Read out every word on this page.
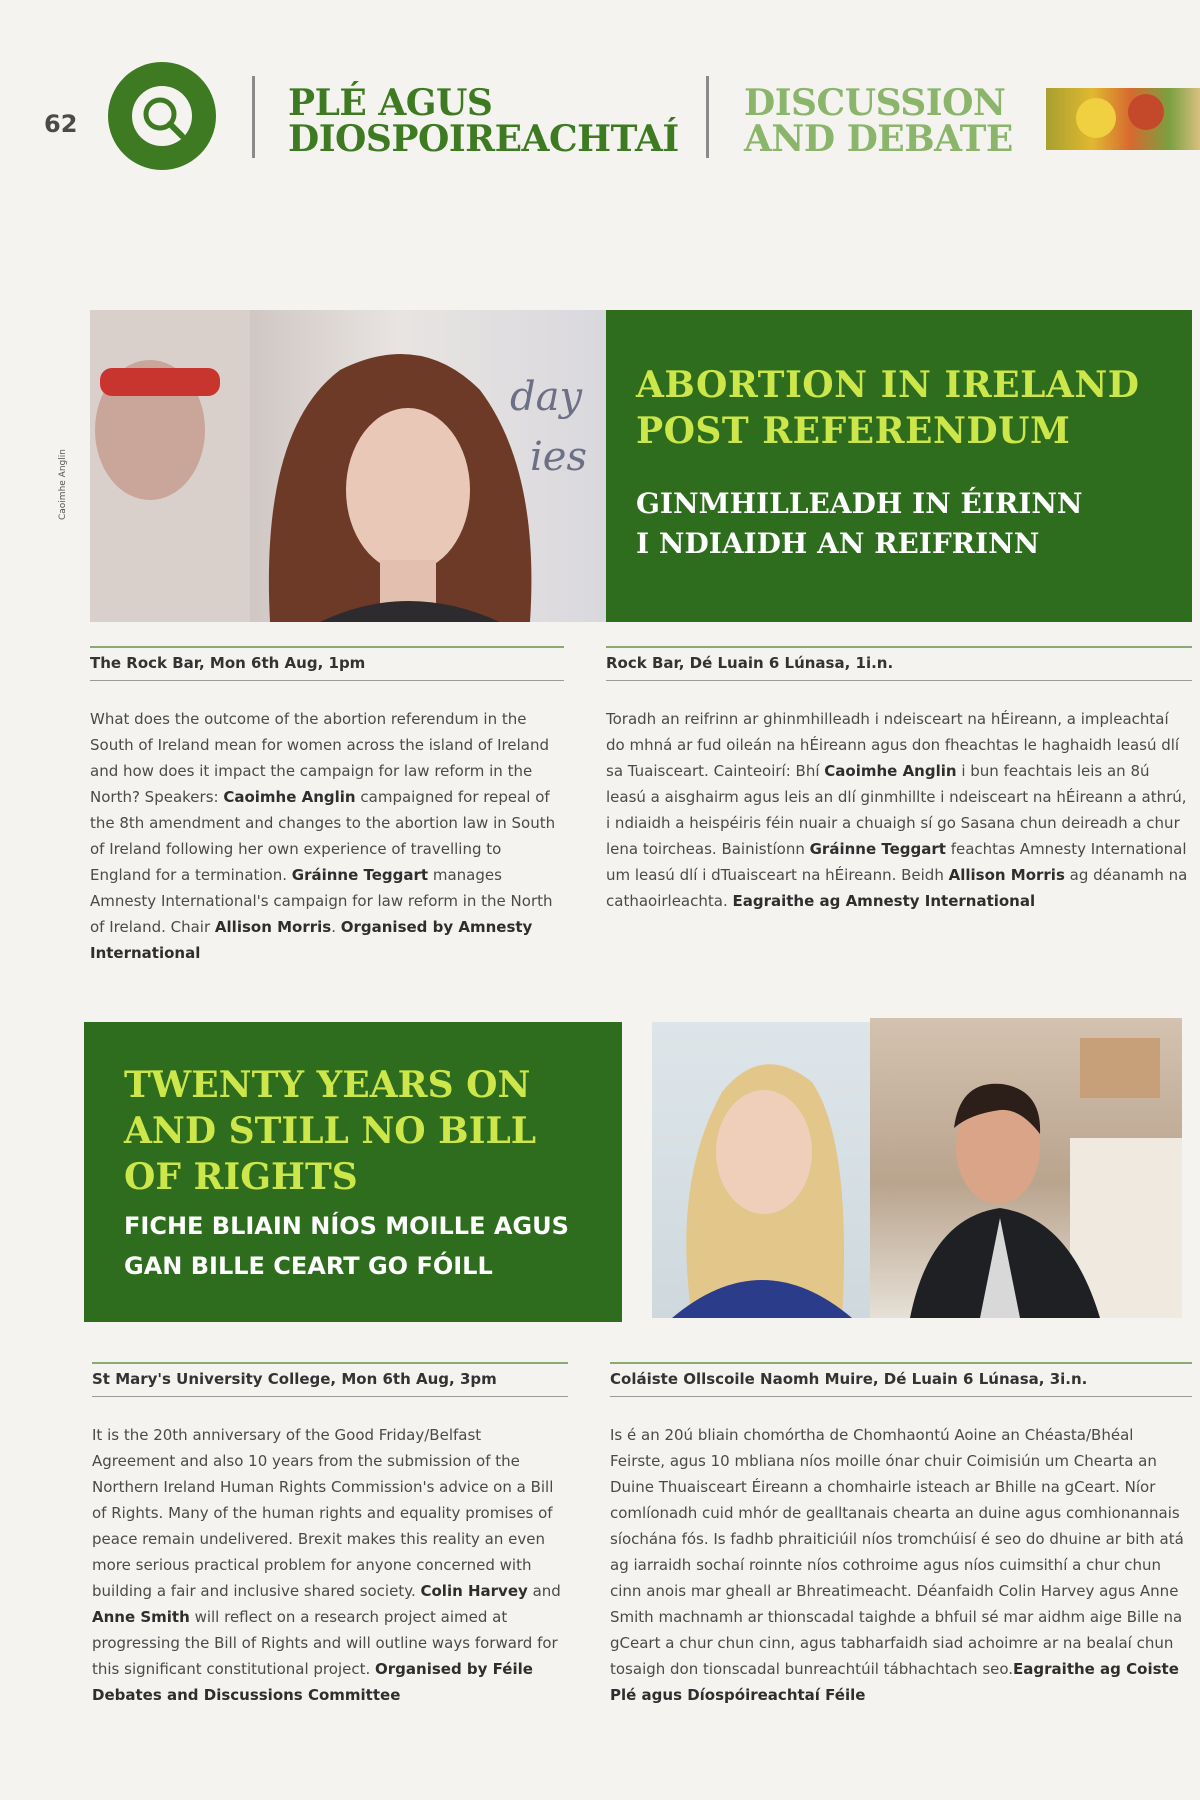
62	PLÉ AGUS
DIOSPOIREACHTAÍ
DISCUSSION
AND DEBATE
day
ies
Caoimhe Anglin
ABORTION IN IRELAND
POST REFERENDUM
GINMHILLEADH IN ÉIRINN
I NDIAIDH AN REIFRINN
The Rock Bar, Mon 6th Aug, 1pm
What does the outcome of the abortion referendum in the South of Ireland mean for women across the island of Ireland and how does it impact the campaign for law reform in the North? Speakers: Caoimhe Anglin campaigned for repeal of the 8th amendment and changes to the abortion law in South of Ireland following her own experience of travelling to England for a termination. Gráinne Teggart manages Amnesty International's campaign for law reform in the North of Ireland. Chair Allison Morris. Organised by Amnesty International
Rock Bar, Dé Luain 6 Lúnasa, 1i.n.
Toradh an reifrinn ar ghinmhilleadh i ndeisceart na hÉireann, a impleachtaí do mhná ar fud oileán na hÉireann agus don fheachtas le haghaidh leasú dlí sa Tuaisceart. Cainteoirí: Bhí Caoimhe Anglin i bun feachtais leis an 8ú leasú a aisghairm agus leis an dlí ginmhillte i ndeisceart na hÉireann a athrú, i ndiaidh a heispéiris féin nuair a chuaigh sí go Sasana chun deireadh a chur lena toircheas. Bainistíonn Gráinne Teggart feachtas Amnesty International um leasú dlí i dTuaisceart na hÉireann. Beidh Allison Morris ag déanamh na cathaoirleachta. Eagraithe ag Amnesty International
TWENTY YEARS ON
AND STILL NO BILL
OF RIGHTS
FICHE BLIAIN NÍOS MOILLE AGUS
GAN BILLE CEART GO FÓILL
St Mary's University College, Mon 6th Aug, 3pm
It is the 20th anniversary of the Good Friday/Belfast Agreement and also 10 years from the submission of the Northern Ireland Human Rights Commission's advice on a Bill of Rights. Many of the human rights and equality promises of peace remain undelivered. Brexit makes this reality an even more serious practical problem for anyone concerned with building a fair and inclusive shared society. Colin Harvey and Anne Smith will reflect on a research project aimed at progressing the Bill of Rights and will outline ways forward for this significant constitutional project. Organised by Féile Debates and Discussions Committee
Coláiste Ollscoile Naomh Muire, Dé Luain 6 Lúnasa, 3i.n.
Is é an 20ú bliain chomórtha de Chomhaontú Aoine an Chéasta/Bhéal Feirste, agus 10 mbliana níos moille ónar chuir Coimisiún um Chearta an Duine Thuaisceart Éireann a chomhairle isteach ar Bhille na gCeart. Níor comlíonadh cuid mhór de gealltanais chearta an duine agus comhionannais síochána fós. Is fadhb phraiticiúil níos tromchúisí é seo do dhuine ar bith atá ag iarraidh sochaí roinnte níos cothroime agus níos cuimsithí a chur chun cinn anois mar gheall ar Bhreatimeacht. Déanfaidh Colin Harvey agus Anne Smith machnamh ar thionscadal taighde a bhfuil sé mar aidhm aige Bille na gCeart a chur chun cinn, agus tabharfaidh siad achoimre ar na bealaí chun tosaigh don tionscadal bunreachtúil tábhachtach seo.Eagraithe ag Coiste Plé agus Díospóireachtaí Féile
